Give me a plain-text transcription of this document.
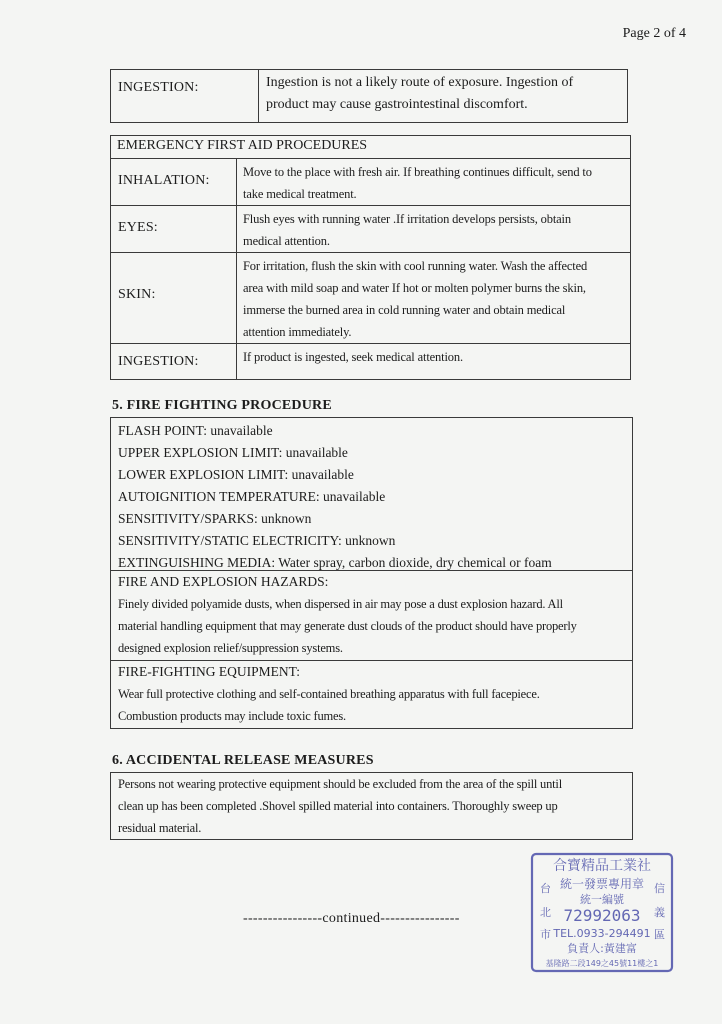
Page 2 of 4
INGESTION:	Ingestion is not a likely route of exposure. Ingestion of
product may cause gastrointestinal discomfort.
EMERGENCY FIRST AID PROCEDURES	
INHALATION:	Move to the place with fresh air. If breathing continues difficult, send to
take medical treatment.

EYES:	Flush eyes with running water .If irritation develops persists, obtain
medical attention.

SKIN:	For irritation, flush the skin with cool running water. Wash the affected
area with mild soap and water If hot or molten polymer burns the skin,
immerse the burned area in cold running water and obtain medical
attention immediately.

INGESTION:	If product is ingested, seek medical attention.
5. FIRE FIGHTING PROCEDURE
FLASH POINT: unavailable
UPPER EXPLOSION LIMIT: unavailable
LOWER EXPLOSION LIMIT: unavailable
AUTOIGNITION TEMPERATURE: unavailable
SENSITIVITY/SPARKS: unknown
SENSITIVITY/STATIC ELECTRICITY: unknown
EXTINGUISHING MEDIA: Water spray, carbon dioxide, dry chemical or foam
FIRE AND EXPLOSION HAZARDS:
Finely divided polyamide dusts, when dispersed in air may pose a dust explosion hazard. All
material handling equipment that may generate dust clouds of the product should have properly
designed explosion relief/suppression systems.
FIRE-FIGHTING EQUIPMENT:
Wear full protective clothing and self-contained breathing apparatus with full facepiece.
Combustion products may include toxic fumes.
6. ACCIDENTAL RELEASE MEASURES
Persons not wearing protective equipment should be excluded from the area of the spill until
clean up has been completed .Shovel spilled material into containers. Thoroughly sweep up
residual material.
----------------continued----------------
合寶精品工業社
統一發票專用章
統一編號
72992063
TEL.0933-294491
負責人:黃建富
基隆路二段149之45號11樓之1
台
北
市
信
義
區
